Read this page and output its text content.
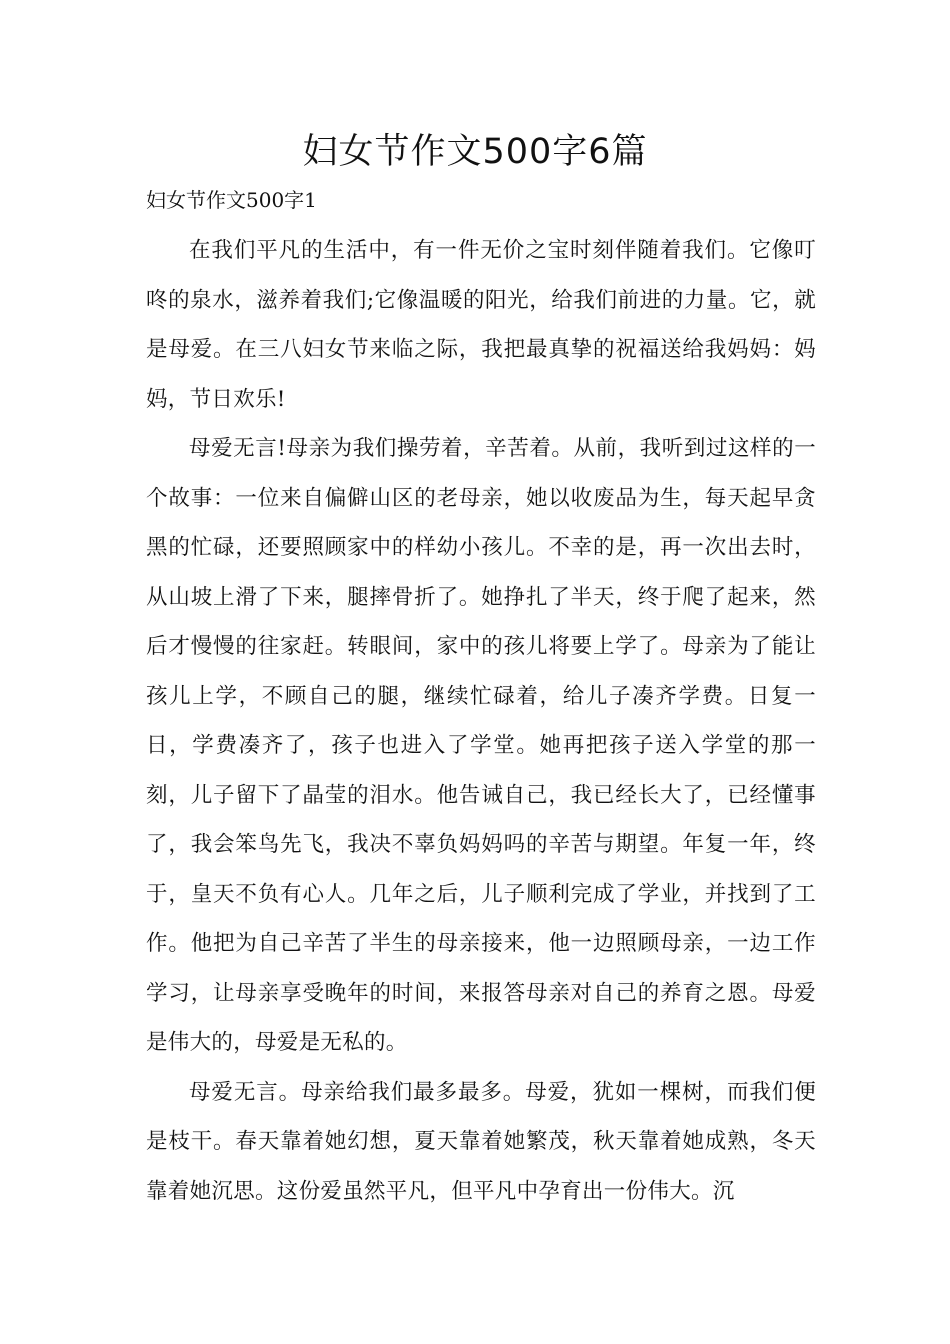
妇女节作文500字6篇
妇女节作文500字1

在我们平凡的生活中，有一件无价之宝时刻伴随着我们。它像叮咚的泉水，滋养着我们;它像温暖的阳光，给我们前进的力量。它，就是母爱。在三八妇女节来临之际，我把最真挚的祝福送给我妈妈：妈妈，节日欢乐!

母爱无言!母亲为我们操劳着，辛苦着。从前，我听到过这样的一个故事：一位来自偏僻山区的老母亲，她以收废品为生，每天起早贪黑的忙碌，还要照顾家中的样幼小孩儿。不幸的是，再一次出去时，从山坡上滑了下来，腿摔骨折了。她挣扎了半天，终于爬了起来，然后才慢慢的往家赶。转眼间，家中的孩儿将要上学了。母亲为了能让孩儿上学，不顾自己的腿，继续忙碌着，给儿子凑齐学费。日复一日，学费凑齐了，孩子也进入了学堂。她再把孩子送入学堂的那一刻，儿子留下了晶莹的泪水。他告诫自己，我已经长大了，已经懂事了，我会笨鸟先飞，我决不辜负妈妈吗的辛苦与期望。年复一年，终于，皇天不负有心人。几年之后，儿子顺利完成了学业，并找到了工作。他把为自己辛苦了半生的母亲接来，他一边照顾母亲，一边工作学习，让母亲享受晚年的时间，来报答母亲对自己的养育之恩。母爱是伟大的，母爱是无私的。

母爱无言。母亲给我们最多最多。母爱，犹如一棵树，而我们便是枝干。春天靠着她幻想，夏天靠着她繁茂，秋天靠着她成熟，冬天靠着她沉思。这份爱虽然平凡，但平凡中孕育出一份伟大。沉
